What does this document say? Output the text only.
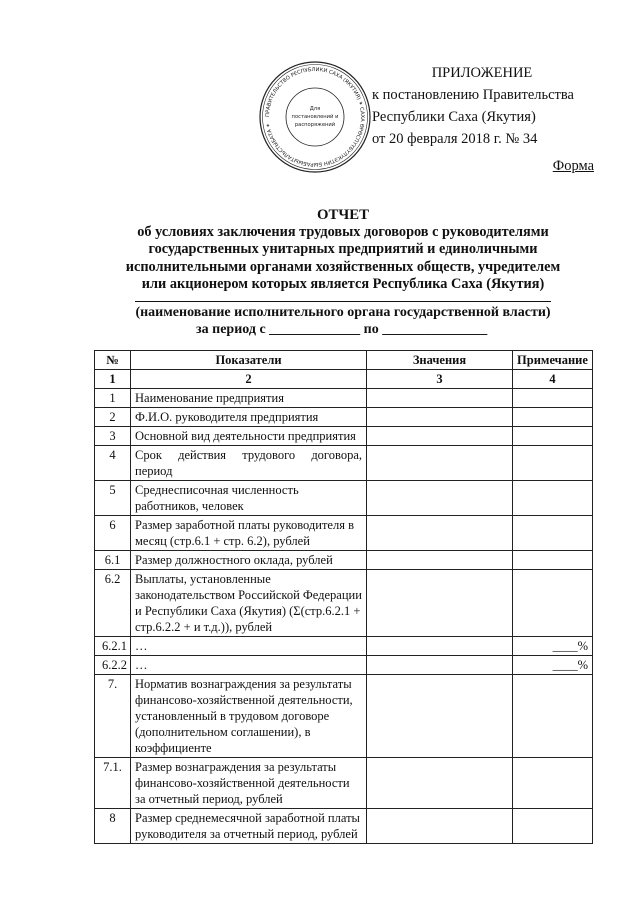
ПРАВИТЕЛЬСТВО РЕСПУБЛИКИ САХА (ЯКУТИЯ) ✶ САХА ӨРӨСПҮҮБҮЛҮКЭТИН БЫРАБЫЫТАЛЬСТЫБАТА ✶
Для
постановлений и
распоряжений
ПРИЛОЖЕНИЕ
к постановлению Правительства
Республики Саха (Якутия)
от 20 февраля 2018 г. № 34
Форма
ОТЧЕТ
об условиях заключения трудовых договоров с руководителями
государственных унитарных предприятий и единоличными
исполнительными органами хозяйственных обществ, учредителем
или акционером которых является Республика Саха (Якутия)
(наименование исполнительного органа государственной власти)
за период с _____________ по _______________
№	Показатели	Значения	Примечание
1	2	3	4
1	Наименование предприятия		
2	Ф.И.О. руководителя предприятия		
3	Основной вид деятельности предприятия		
4	Срок действия трудового договора, период		
5	Среднесписочная численность работников, человек		
6	Размер заработной платы руководителя в месяц (стр.6.1 + стр. 6.2), рублей		
6.1	Размер должностного оклада, рублей		
6.2	Выплаты, установленные законодательством Российской Федерации и Республики Саха (Якутия) (Σ(стр.6.2.1 + стр.6.2.2 + и т.д.)), рублей		
6.2.1	…		____%
6.2.2	…		____%
7.	Норматив вознаграждения за результаты финансово-хозяйственной деятельности, установленный в трудовом договоре (дополнительном соглашении), в коэффициенте		
7.1.	Размер вознаграждения за результаты финансово-хозяйственной деятельности за отчетный период, рублей		
8	Размер среднемесячной заработной платы руководителя за отчетный период, рублей		
